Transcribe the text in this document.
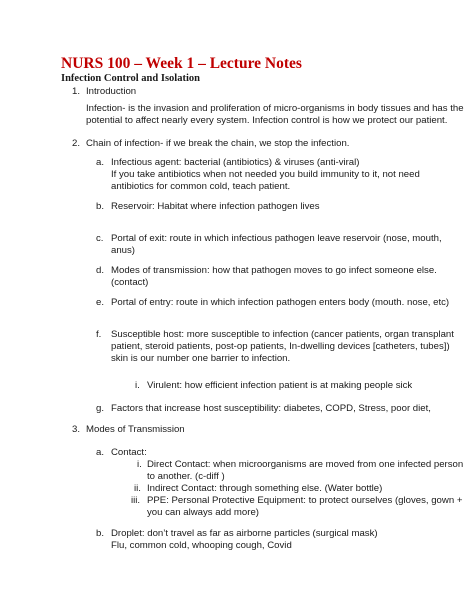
NURS 100 – Week 1 – Lecture Notes
Infection Control and Isolation
1. Introduction
Infection- is the invasion and proliferation of micro-organisms in body tissues and has the
potential to affect nearly every system. Infection control is how we protect our patient.
2. Chain of infection- if we break the chain, we stop the infection.
a. Infectious agent: bacterial (antibiotics) & viruses (anti-viral)
If you take antibiotics when not needed you build immunity to it, not need
antibiotics for common cold, teach patient.
b. Reservoir: Habitat where infection pathogen lives
c. Portal of exit: route in which infectious pathogen leave reservoir (nose, mouth,
anus)
d. Modes of transmission: how that pathogen moves to go infect someone else.
(contact)
e. Portal of entry: route in which infection pathogen enters body (mouth. nose, etc)
f. Susceptible host: more susceptible to infection (cancer patients, organ transplant
patient, steroid patients, post-op patients, In-dwelling devices [catheters, tubes])
skin is our number one barrier to infection.
i. Virulent: how efficient infection patient is at making people sick
g. Factors that increase host susceptibility: diabetes, COPD, Stress, poor diet,
3. Modes of Transmission
a. Contact:
i. Direct Contact: when microorganisms are moved from one infected person
to another. (c-diff )
ii. Indirect Contact: through something else. (Water bottle)
iii. PPE: Personal Protective Equipment: to protect ourselves (gloves, gown +
you can always add more)
b. Droplet: don’t travel as far as airborne particles (surgical mask)
Flu, common cold, whooping cough, Covid
